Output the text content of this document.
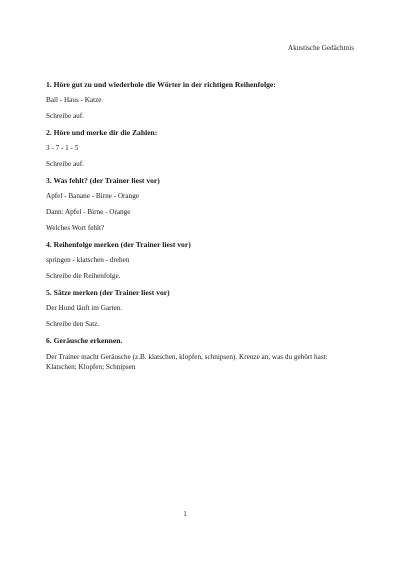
Akustische Gedächtnis
1. Höre gut zu und wiederhole die Wörter in der richtigen Reihenfolge:
Ball - Haus - Katze
Schreibe auf.
2. Höre und merke dir die Zahlen:
3 - 7 - 1 - 5
Schreibe auf.
3. Was fehlt? (der Trainer liest vor)
Apfel - Banane - Birne - Orange
Dann: Apfel - Birne - Orange
Welches Wort fehlt?
4. Reihenfolge merken (der Trainer liest vor)
springen - klatschen - drehen
Schreibe die Reihenfolge.
5. Sätze merken (der Trainer liest vor)
Der Hund läuft im Garten.
Schreibe den Satz.
6. Geräusche erkennen.
Der Trainer macht Geräusche (z.B. klatschen, klopfen, schnipsen). Kreuze an, was du gehört hast: Klatschen; Klopfen; Schnipsen
1
